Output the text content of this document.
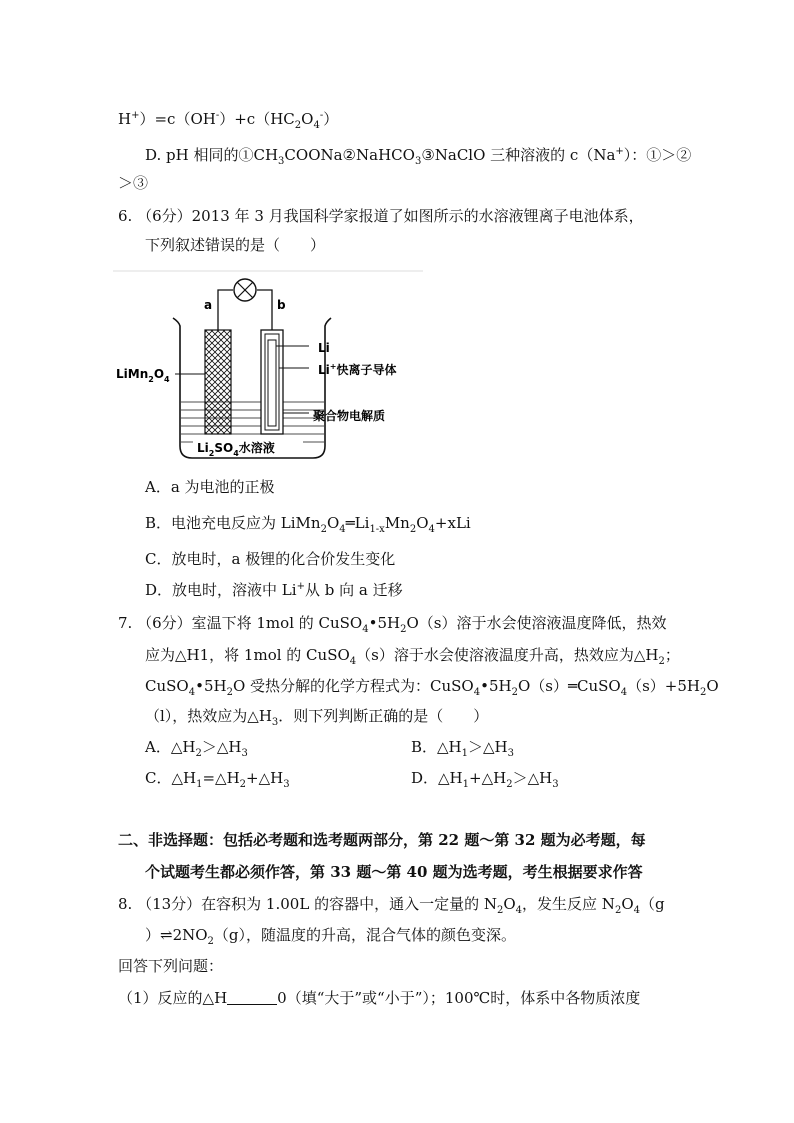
$H^+)=c(OH^-)+c(HC_2O_4^-)$
D. pH 相同的$①CH_3COONa②NaHCO_3③NaClO$ 三种溶液的 c（Na+）：①＞②
＞③
6. （6分）2013 年 3 月我国科学家报道了如图所示的水溶液锂离子电池体系，
下列叙述错误的是（　　）
a	b
Li
Li+快离子导体
聚合物电解质
$LiMn_2O_4$
$Li_2SO_4$水溶液
A．a 为电池的正极
B．电池充电反应为 $LiMn_2O_4═Li_{1-x}Mn_2O_4+xLi$
C．放电时，a 极锂的化合价发生变化
D．放电时，溶液中 Li+从 b 向 a 迁移
7. （6分）室温下将 1mol 的 $CuSO_4•5H_2O(s)$溶于水会使溶液温度降低，热效
应为△H1，将 1mol 的 CuSO$_4$（s）溶于水会使溶液温度升高，热效应为$\triangle H_2$；
$CuSO_4•5H_2O$ 受热分解的化学方程式为：$CuSO_4•5H_2O(s)═CuSO_4(s)+5H_2O$
（l），热效应为$\triangle H_3$．则下列判断正确的是（　　）
A．$\triangle H_2>\triangle H_3$	B．$\triangle H_1>\triangle H_3$
C．$\triangle H_1=\triangle H_2+\triangle H_3$	D．$\triangle H_1+\triangle H_2>\triangle H_3$
二、非选择题：包括必考题和选考题两部分，第 22 题～第 32 题为必考题，每
个试题考生都必须作答，第 33 题～第 40 题为选考题，考生根据要求作答
8. （13分）在容积为 1.00L 的容器中，通入一定量的 $N_2O_4$，发生反应 $N_2O_4(g$
）$\rightleftharpoons 2NO_2(g)$，随温度的升高，混合气体的颜色变深。
回答下列问题：
（1）反应的△H	0（填“大于”或“小于”）；100℃时，体系中各物质浓度
